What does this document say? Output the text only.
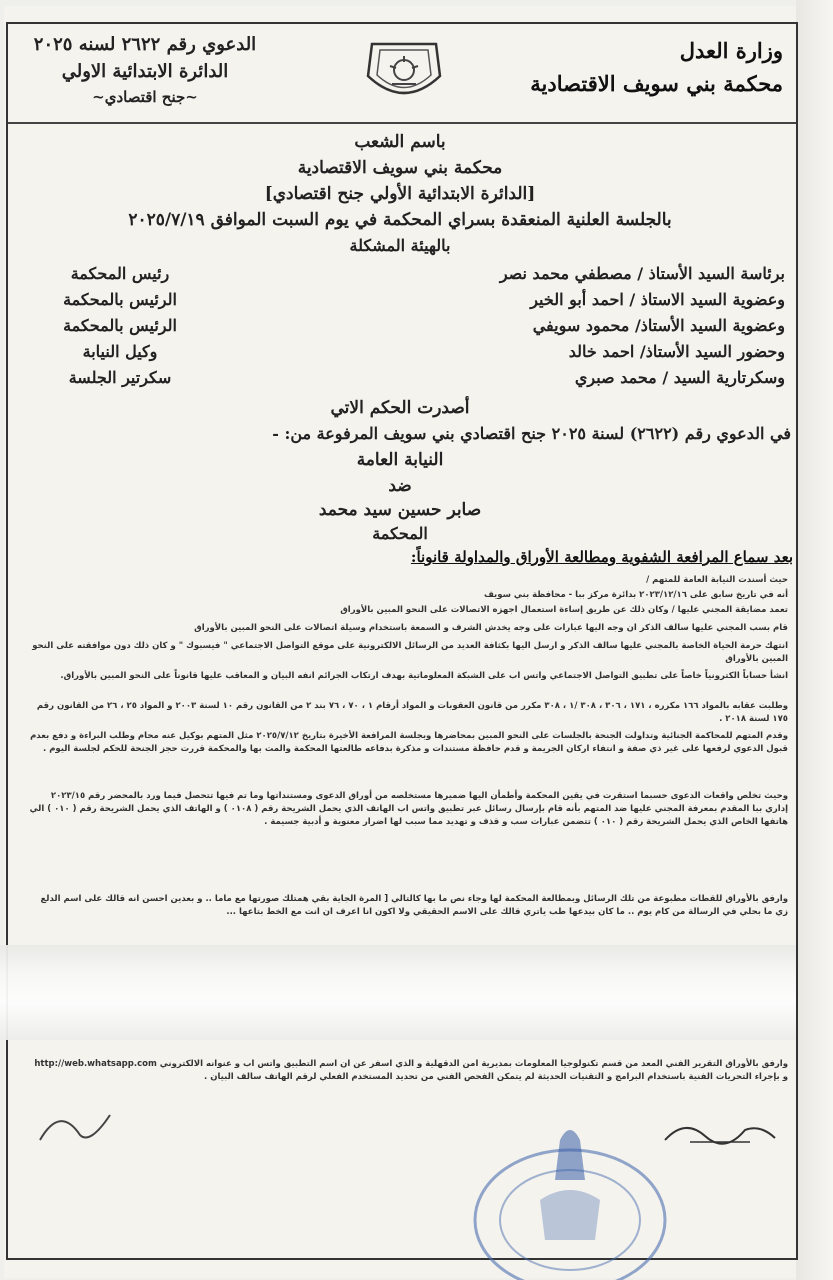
وزارة العدل
محكمة بني سويف الاقتصادية
الدعوي رقم ٢٦٢٢ لسنه ٢٠٢٥
الدائرة الابتدائية الاولي
~جنح اقتصادي~
باسم الشعب
محكمة بني سويف الاقتصادية
[الدائرة الابتدائية الأولي جنح اقتصادي]
بالجلسة العلنية المنعقدة بسراي المحكمة في يوم السبت الموافق ٢٠٢٥/٧/١٩
بالهيئة المشكلة
برئاسة السيد الأستاذ / مصطفي محمد نصر
رئيس المحكمة
وعضوية السيد الاستاذ / احمد أبو الخير
الرئيس بالمحكمة
وعضوية السيد الأستاذ/ محمود سويفي
الرئيس بالمحكمة
وحضور السيد الأستاذ/ احمد خالد
وكيل النيابة
وسكرتارية السيد / محمد صبري
سكرتير الجلسة
أصدرت الحكم الاتي
في الدعوي رقم (٢٦٢٢) لسنة ٢٠٢٥ جنح اقتصادي بني سويف المرفوعة من: -
النيابة العامة
ضد
صابر حسين سيد محمد
المحكمة
بعد سماع المرافعة الشفوية ومطالعة الأوراق والمداولة قانوناً:
حيث أسندت النيابة العامة للمتهم /
أنه في تاريخ سابق على ٢٠٢٣/١٢/١٦ بدائرة مركز ببا - محافظة بني سويف
تعمد مضايقة المجني عليها / وكان ذلك عن طريق إساءة استعمال اجهزه الاتصالات على النحو المبين بالأوراق
قام بسب المجني عليها سالف الذكر ان وجه اليها عبارات على وجه يخدش الشرف و السمعة باستخدام وسيلة اتصالات على النحو المبين بالأوراق
انتهك حرمة الحياة الخاصة بالمجني عليها سالف الذكر و ارسل اليها بكثافة العديد من الرسائل الالكترونية على موقع التواصل الاجتماعي " فيسبوك " و كان ذلك دون موافقته على النحو المبين بالأوراق
انشأ حساباً الكترونياً خاصاً على تطبيق التواصل الاجتماعي واتس اب على الشبكة المعلوماتية بهدف ارتكاب الجرائم انفه البيان و المعاقب عليها قانوناً على النحو المبين بالأوراق.
وطلبت عقابه بالمواد ١٦٦ مكرره ، ١٧١ ، ٣٠٦ ، ٣٠٨ /١ ، ٣٠٨ مكرر من قانون العقوبات و المواد أرقام ١ ، ٧٠ ، ٧٦ بند ٢ من القانون رقم ١٠ لسنة ٢٠٠٣ و المواد ٢٥ ، ٢٦ من القانون رقم ١٧٥ لسنة ٢٠١٨ .
وقدم المتهم للمحاكمة الجنائية وتداولت الجنحة بالجلسات على النحو المبين بمحاضرها وبجلسة المرافعة الأخيرة بتاريخ ٢٠٢٥/٧/١٢ مثل المتهم بوكيل عنه محام وطلب البراءة و دفع بعدم قبول الدعوي لرفعها على غير ذي صفة و انتفاء اركان الجريمة و قدم حافظة مستندات و مذكرة بدفاعه طالعتها المحكمة والمت بها والمحكمة قررت حجز الجنحة للحكم لجلسة اليوم .
وحيث تخلص واقعات الدعوى حسبما استقرت في يقين المحكمة وأطمأن اليها ضميرها مستخلصه من أوراق الدعوى ومستنداتها وما تم فيها تتحصل فيما ورد بالمحضر رقم ٢٠٢٣/١٥ إداري ببا المقدم بمعرفة المجني عليها ضد المتهم بأنه قام بإرسال رسائل عبر تطبيق واتس اب الهاتف الذي يحمل الشريحة رقم ( ٠١٠٨ ) و الهاتف الذي يحمل الشريحة رقم ( ٠١٠ ) الي هاتفها الخاص الذي يحمل الشريحة رقم ( ٠١٠ ) تتضمن عبارات سب و قذف و تهديد مما سبب لها اضرار معنوية و أدبية جسيمة .
وارفق بالأوراق للقطات مطبوعة من تلك الرسائل وبمطالعة المحكمة لها وجاء نص ما بها كالتالي [ المرة الجاية بقي همتلك صورتها مع ماما .. و بعدين احسن انه قالك على اسم الدلع زي ما بحلي في الرسالة من كام يوم .. ما كان بيدعها طب ياتري قالك على الاسم الحقيقي ولا اكون انا اعرف ان انت مع الخط بتاعها ...
وارفق بالأوراق التقرير الفني المعد من قسم تكنولوجيا المعلومات بمديرية امن الدقهلية و الذي اسفر عن ان اسم التطبيق واتس اب و عنوانه الالكتروني http://web.whatsapp.com و بإجراء التحريات الفنية باستخدام البرامج و التقنيات الحديثة لم يتمكن الفحص الفني من تحديد المستخدم الفعلي لرقم الهاتف سالف البيان .
